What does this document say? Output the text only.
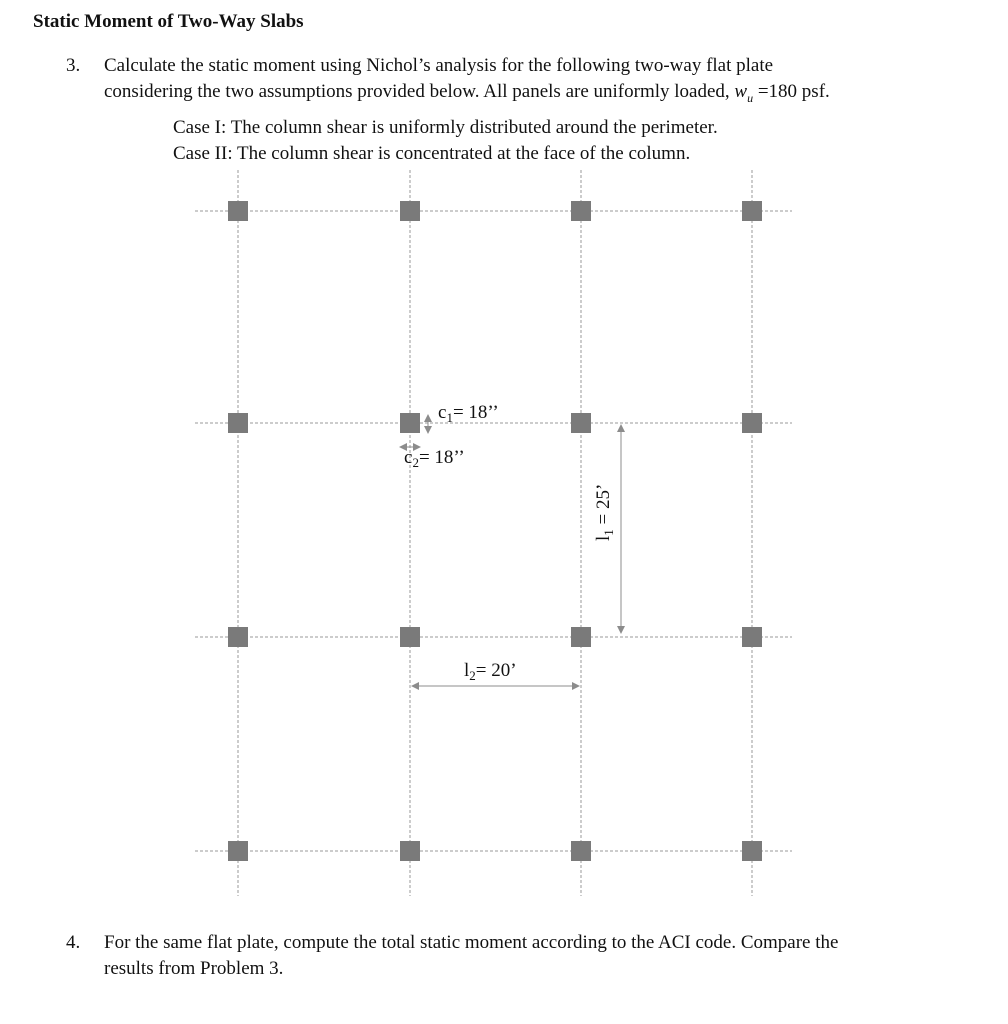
Static Moment of Two-Way Slabs
3. Calculate the static moment using Nichol’s analysis for the following two-way flat plate
considering the two assumptions provided below. All panels are uniformly loaded, $w_u =180$ psf.
Case I: The column shear is uniformly distributed around the perimeter.
Case II: The column shear is concentrated at the face of the column.
$c_1= 18$’’
$c_2= 18$’’
$l_1 = 25$’
$l_2= 20$’
4. For the same flat plate, compute the total static moment according to the ACI code. Compare the
results from Problem 3.
